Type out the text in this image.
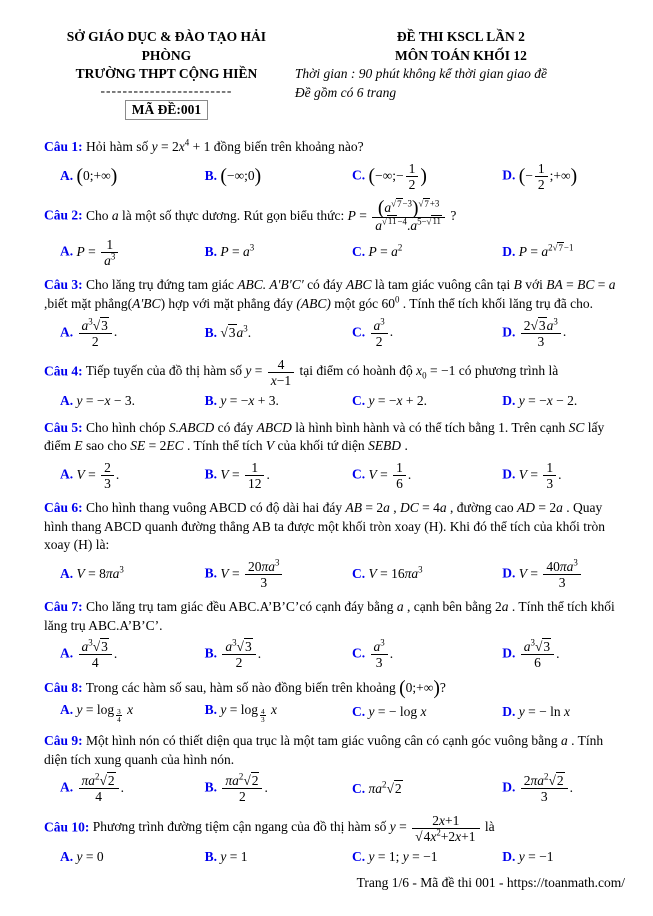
SỞ GIÁO DỤC & ĐÀO TẠO HẢI PHÒNG
TRƯỜNG THPT CỘNG HIỀN
------------------------
MÃ ĐỀ:001
ĐỀ THI KSCL LẦN 2
MÔN TOÁN KHỐI 12
Thời gian : 90 phút không kể thời gian giao đề
Đề gồm có 6 trang

Câu 1: Hỏi hàm số $y = 2x^4 + 1$ đồng biến trên khoảng nào?

A. (0;+∞)	B. (−∞;0)	C. (−∞;− $\frac{1}{2}$ )	D. (− $\frac{1}{2}$ ;+∞)

Câu 2: Cho a là một số thực dương. Rút gọn biểu thức: $P = \frac{(a^{√7-3})^{√7+3}}{a^{√11-4}.a^{5-√11}}$ ?

A. $P = \frac{1}{a^3}$	B. $P = a^3$	C. $P = a^2$	D. $P = a^{2√7-1}$

Câu 3: Cho lăng trụ đứng tam giác ABC. A′B′C′ có đáy ABC là tam giác vuông cân tại B với BA = BC = a ,biết mặt phẳng(A′BC) hợp với mặt phẳng đáy (ABC) một góc $60^0$ . Tính thể tích khối lăng trụ đã cho.

A. $\frac{a^3√3}{2}$ .	B. $√3a^3$.	C. $\frac{a^3}{2}$ .	D. $\frac{2√3a^3}{3}$ .

Câu 4: Tiếp tuyến của đồ thị hàm số $y = \frac{4}{x-1}$ tại điểm có hoành độ $x_0 = -1$ có phương trình là

A. y = −x − 3.	B. y = −x + 3.	C. y = −x + 2.	D. y = −x − 2.

Câu 5: Cho hình chóp S.ABCD có đáy ABCD là hình bình hành và có thể tích bằng 1. Trên cạnh SC lấy điểm E sao cho SE = 2EC . Tính thể tích V của khối tứ diện SEBD .

A. $V = \frac{2}{3}$ .	B. $V = \frac{1}{12}$ .	C. $V = \frac{1}{6}$ .	D. $V = \frac{1}{3}$ .

Câu 6: Cho hình thang vuông ABCD có độ dài hai đáy AB = 2a , DC = 4a , đường cao AD = 2a . Quay hình thang ABCD quanh đường thẳng AB ta được một khối tròn xoay (H). Khi đó thể tích của khối tròn xoay (H) là:

A. $V = 8\pi a^3$	B. $V = \frac{20\pi a^3}{3}$	C. $V = 16\pi a^3$	D. $V = \frac{40\pi a^3}{3}$

Câu 7: Cho lăng trụ tam giác đều ABC.A’B’C’có cạnh đáy bằng a , cạnh bên bằng 2a . Tính thể tích khối lăng trụ ABC.A’B’C’.

A. $\frac{a^3√3}{4}$ .	B. $\frac{a^3√3}{2}$ .	C. $\frac{a^3}{3}$ .	D. $\frac{a^3√3}{6}$ .

Câu 8: Trong các hàm số sau, hàm số nào đồng biến trên khoảng (0;+∞)?

A. y = log $_{\frac{3}{4}}$ x	B. y = log $_{\frac{4}{3}}$ x	C. y = − log x	D. y = − ln x

Câu 9: Một hình nón có thiết diện qua trục là một tam giác vuông cân có cạnh góc vuông bằng a . Tính diện tích xung quanh của hình nón.

A. $\frac{\pi a^2√2}{4}$ .	B. $\frac{\pi a^2√2}{2}$ .	C. $\pi a^2√2$	D. $\frac{2\pi a^2√2}{3}$ .

Câu 10: Phương trình đường tiệm cận ngang của đồ thị hàm số $y = \frac{2x+1}{√4x^2+2x+1}$ là

A. y = 0	B. y = 1	C. y = 1; y = −1	D. y = −1
Trang 1/6 - Mã đề thi 001 - https://toanmath.com/
